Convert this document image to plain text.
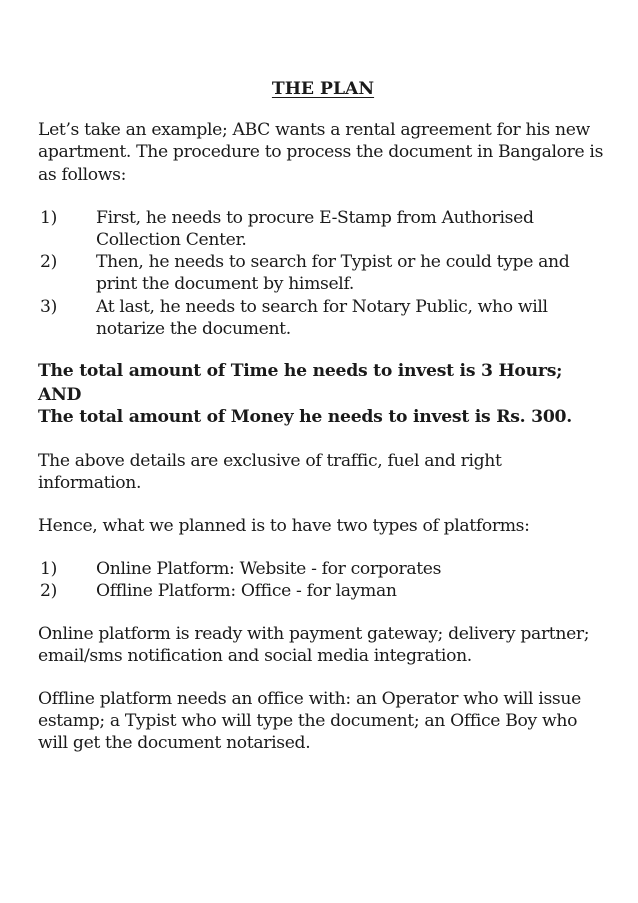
THE PLAN

Let’s take an example; ABC wants a rental agreement for his new apartment. The procedure to process the document in Bangalore is as follows:

1) First, he needs to procure E-Stamp from Authorised Collection Center.
2) Then, he needs to search for Typist or he could type and print the document by himself.
3) At last, he needs to search for Notary Public, who will notarize the document.
The total amount of Time he needs to invest is 3 Hours;
AND
The total amount of Money he needs to invest is Rs. 300.

The above details are exclusive of traffic, fuel and right information.

Hence, what we planned is to have two types of platforms:

1) Online Platform: Website - for corporates
2) Offline Platform: Office - for layman

Online platform is ready with payment gateway; delivery partner; email/sms notification and social media integration.

Offline platform needs an office with: an Operator who will issue estamp; a Typist who will type the document; an Office Boy who will get the document notarised.
